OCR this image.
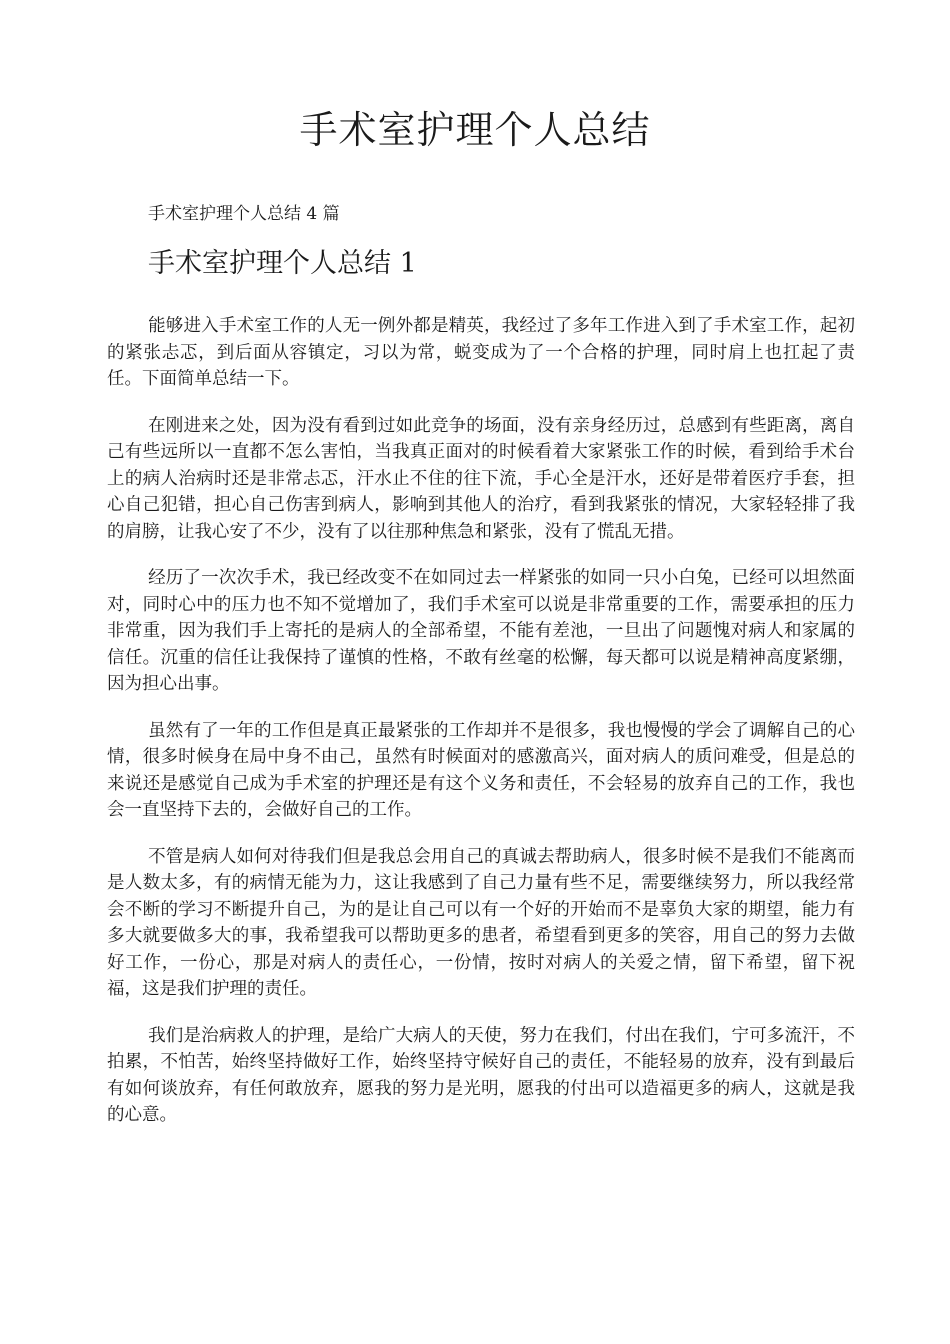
手术室护理个人总结

手术室护理个人总结 4 篇

手术室护理个人总结 1

能够进入手术室工作的人无一例外都是精英，我经过了多年工作进入到了手术室工作，起初的紧张忐忑，到后面从容镇定，习以为常，蜕变成为了一个合格的护理，同时肩上也扛起了责任。下面简单总结一下。

在刚进来之处，因为没有看到过如此竞争的场面，没有亲身经历过，总感到有些距离，离自己有些远所以一直都不怎么害怕，当我真正面对的时候看着大家紧张工作的时候，看到给手术台上的病人治病时还是非常忐忑，汗水止不住的往下流，手心全是汗水，还好是带着医疗手套，担心自己犯错，担心自己伤害到病人，影响到其他人的治疗，看到我紧张的情况，大家轻轻排了我的肩膀，让我心安了不少，没有了以往那种焦急和紧张，没有了慌乱无措。

经历了一次次手术，我已经改变不在如同过去一样紧张的如同一只小白兔，已经可以坦然面对，同时心中的压力也不知不觉增加了，我们手术室可以说是非常重要的工作，需要承担的压力非常重，因为我们手上寄托的是病人的全部希望，不能有差池，一旦出了问题愧对病人和家属的信任。沉重的信任让我保持了谨慎的性格，不敢有丝毫的松懈，每天都可以说是精神高度紧绷，因为担心出事。

虽然有了一年的工作但是真正最紧张的工作却并不是很多，我也慢慢的学会了调解自己的心情，很多时候身在局中身不由己，虽然有时候面对的感激高兴，面对病人的质问难受，但是总的来说还是感觉自己成为手术室的护理还是有这个义务和责任，不会轻易的放弃自己的工作，我也会一直坚持下去的，会做好自己的工作。

不管是病人如何对待我们但是我总会用自己的真诚去帮助病人，很多时候不是我们不能离而是人数太多，有的病情无能为力，这让我感到了自己力量有些不足，需要继续努力，所以我经常会不断的学习不断提升自己，为的是让自己可以有一个好的开始而不是辜负大家的期望，能力有多大就要做多大的事，我希望我可以帮助更多的患者，希望看到更多的笑容，用自己的努力去做好工作，一份心，那是对病人的责任心，一份情，按时对病人的关爱之情，留下希望，留下祝福，这是我们护理的责任。

我们是治病救人的护理，是给广大病人的天使，努力在我们，付出在我们，宁可多流汗，不拍累，不怕苦，始终坚持做好工作，始终坚持守候好自己的责任，不能轻易的放弃，没有到最后有如何谈放弃，有任何敢放弃，愿我的努力是光明，愿我的付出可以造福更多的病人，这就是我的心意。
